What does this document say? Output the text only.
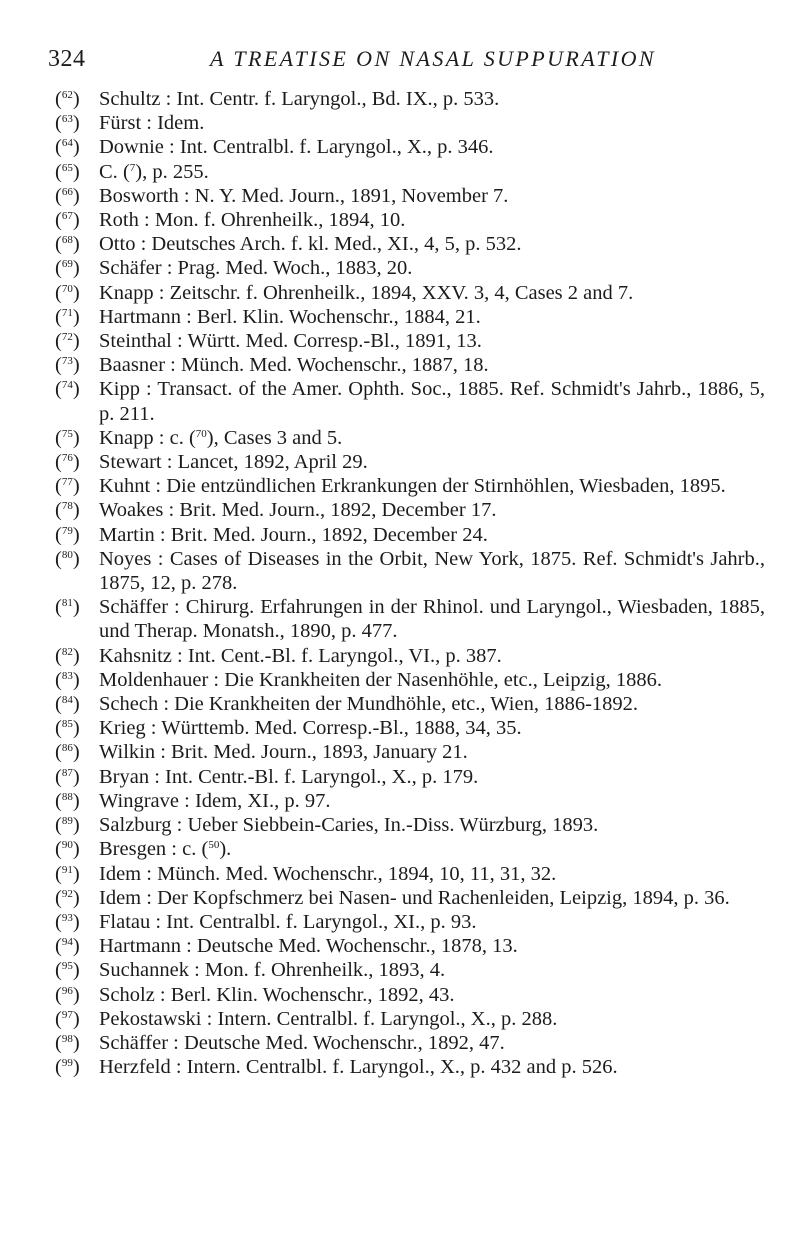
324	A TREATISE ON NASAL SUPPURATION
($^{62}$) Schultz : Int. Centr. f. Laryngol., Bd. IX., p. 533.
($^{63}$) Fürst : Idem.
($^{64}$) Downie : Int. Centralbl. f. Laryngol., X., p. 346.
($^{65}$) C. ($^7$), p. 255.
($^{66}$) Bosworth : N. Y. Med. Journ., 1891, November 7.
($^{67}$) Roth : Mon. f. Ohrenheilk., 1894, 10.
($^{68}$) Otto : Deutsches Arch. f. kl. Med., XI., 4, 5, p. 532.
($^{69}$) Schäfer : Prag. Med. Woch., 1883, 20.
($^{70}$) Knapp : Zeitschr. f. Ohrenheilk., 1894, XXV. 3, 4, Cases 2 and 7.
($^{71}$) Hartmann : Berl. Klin. Wochenschr., 1884, 21.
($^{72}$) Steinthal : Württ. Med. Corresp.-Bl., 1891, 13.
($^{73}$) Baasner : Münch. Med. Wochenschr., 1887, 18.
($^{74}$) Kipp : Transact. of the Amer. Ophth. Soc., 1885. Ref. Schmidt's Jahrb., 1886, 5, p. 211.
($^{75}$) Knapp : c. ($^{70}$), Cases 3 and 5.
($^{76}$) Stewart : Lancet, 1892, April 29.
($^{77}$) Kuhnt : Die entzündlichen Erkrankungen der Stirnhöhlen, Wiesbaden, 1895.
($^{78}$) Woakes : Brit. Med. Journ., 1892, December 17.
($^{79}$) Martin : Brit. Med. Journ., 1892, December 24.
($^{80}$) Noyes : Cases of Diseases in the Orbit, New York, 1875. Ref. Schmidt's Jahrb., 1875, 12, p. 278.
($^{81}$) Schäffer : Chirurg. Erfahrungen in der Rhinol. und Laryngol., Wiesbaden, 1885, und Therap. Monatsh., 1890, p. 477.
($^{82}$) Kahsnitz : Int. Cent.-Bl. f. Laryngol., VI., p. 387.
($^{83}$) Moldenhauer : Die Krankheiten der Nasenhöhle, etc., Leipzig, 1886.
($^{84}$) Schech : Die Krankheiten der Mundhöhle, etc., Wien, 1886-1892.
($^{85}$) Krieg : Württemb. Med. Corresp.-Bl., 1888, 34, 35.
($^{86}$) Wilkin : Brit. Med. Journ., 1893, January 21.
($^{87}$) Bryan : Int. Centr.-Bl. f. Laryngol., X., p. 179.
($^{88}$) Wingrave : Idem, XI., p. 97.
($^{89}$) Salzburg : Ueber Siebbein-Caries, In.-Diss. Würzburg, 1893.
($^{90}$) Bresgen : c. ($^{50}$).
($^{91}$) Idem : Münch. Med. Wochenschr., 1894, 10, 11, 31, 32.
($^{92}$) Idem : Der Kopfschmerz bei Nasen- und Rachenleiden, Leipzig, 1894, p. 36.
($^{93}$) Flatau : Int. Centralbl. f. Laryngol., XI., p. 93.
($^{94}$) Hartmann : Deutsche Med. Wochenschr., 1878, 13.
($^{95}$) Suchannek : Mon. f. Ohrenheilk., 1893, 4.
($^{96}$) Scholz : Berl. Klin. Wochenschr., 1892, 43.
($^{97}$) Pekostawski : Intern. Centralbl. f. Laryngol., X., p. 288.
($^{98}$) Schäffer : Deutsche Med. Wochenschr., 1892, 47.
($^{99}$) Herzfeld : Intern. Centralbl. f. Laryngol., X., p. 432 and p. 526.
